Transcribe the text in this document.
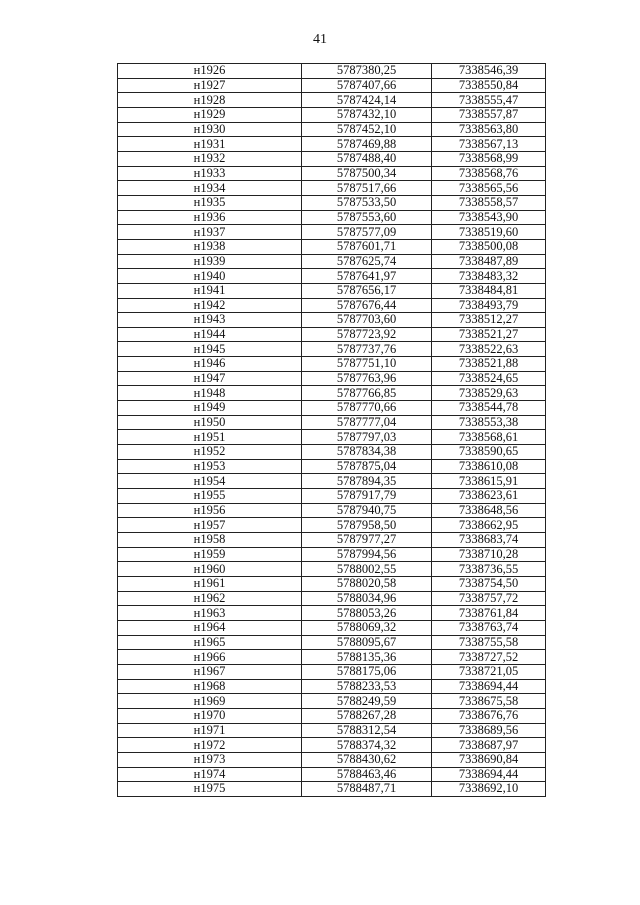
41
н1926	5787380,25	7338546,39
н1927	5787407,66	7338550,84
н1928	5787424,14	7338555,47
н1929	5787432,10	7338557,87
н1930	5787452,10	7338563,80
н1931	5787469,88	7338567,13
н1932	5787488,40	7338568,99
н1933	5787500,34	7338568,76
н1934	5787517,66	7338565,56
н1935	5787533,50	7338558,57
н1936	5787553,60	7338543,90
н1937	5787577,09	7338519,60
н1938	5787601,71	7338500,08
н1939	5787625,74	7338487,89
н1940	5787641,97	7338483,32
н1941	5787656,17	7338484,81
н1942	5787676,44	7338493,79
н1943	5787703,60	7338512,27
н1944	5787723,92	7338521,27
н1945	5787737,76	7338522,63
н1946	5787751,10	7338521,88
н1947	5787763,96	7338524,65
н1948	5787766,85	7338529,63
н1949	5787770,66	7338544,78
н1950	5787777,04	7338553,38
н1951	5787797,03	7338568,61
н1952	5787834,38	7338590,65
н1953	5787875,04	7338610,08
н1954	5787894,35	7338615,91
н1955	5787917,79	7338623,61
н1956	5787940,75	7338648,56
н1957	5787958,50	7338662,95
н1958	5787977,27	7338683,74
н1959	5787994,56	7338710,28
н1960	5788002,55	7338736,55
н1961	5788020,58	7338754,50
н1962	5788034,96	7338757,72
н1963	5788053,26	7338761,84
н1964	5788069,32	7338763,74
н1965	5788095,67	7338755,58
н1966	5788135,36	7338727,52
н1967	5788175,06	7338721,05
н1968	5788233,53	7338694,44
н1969	5788249,59	7338675,58
н1970	5788267,28	7338676,76
н1971	5788312,54	7338689,56
н1972	5788374,32	7338687,97
н1973	5788430,62	7338690,84
н1974	5788463,46	7338694,44
н1975	5788487,71	7338692,10
